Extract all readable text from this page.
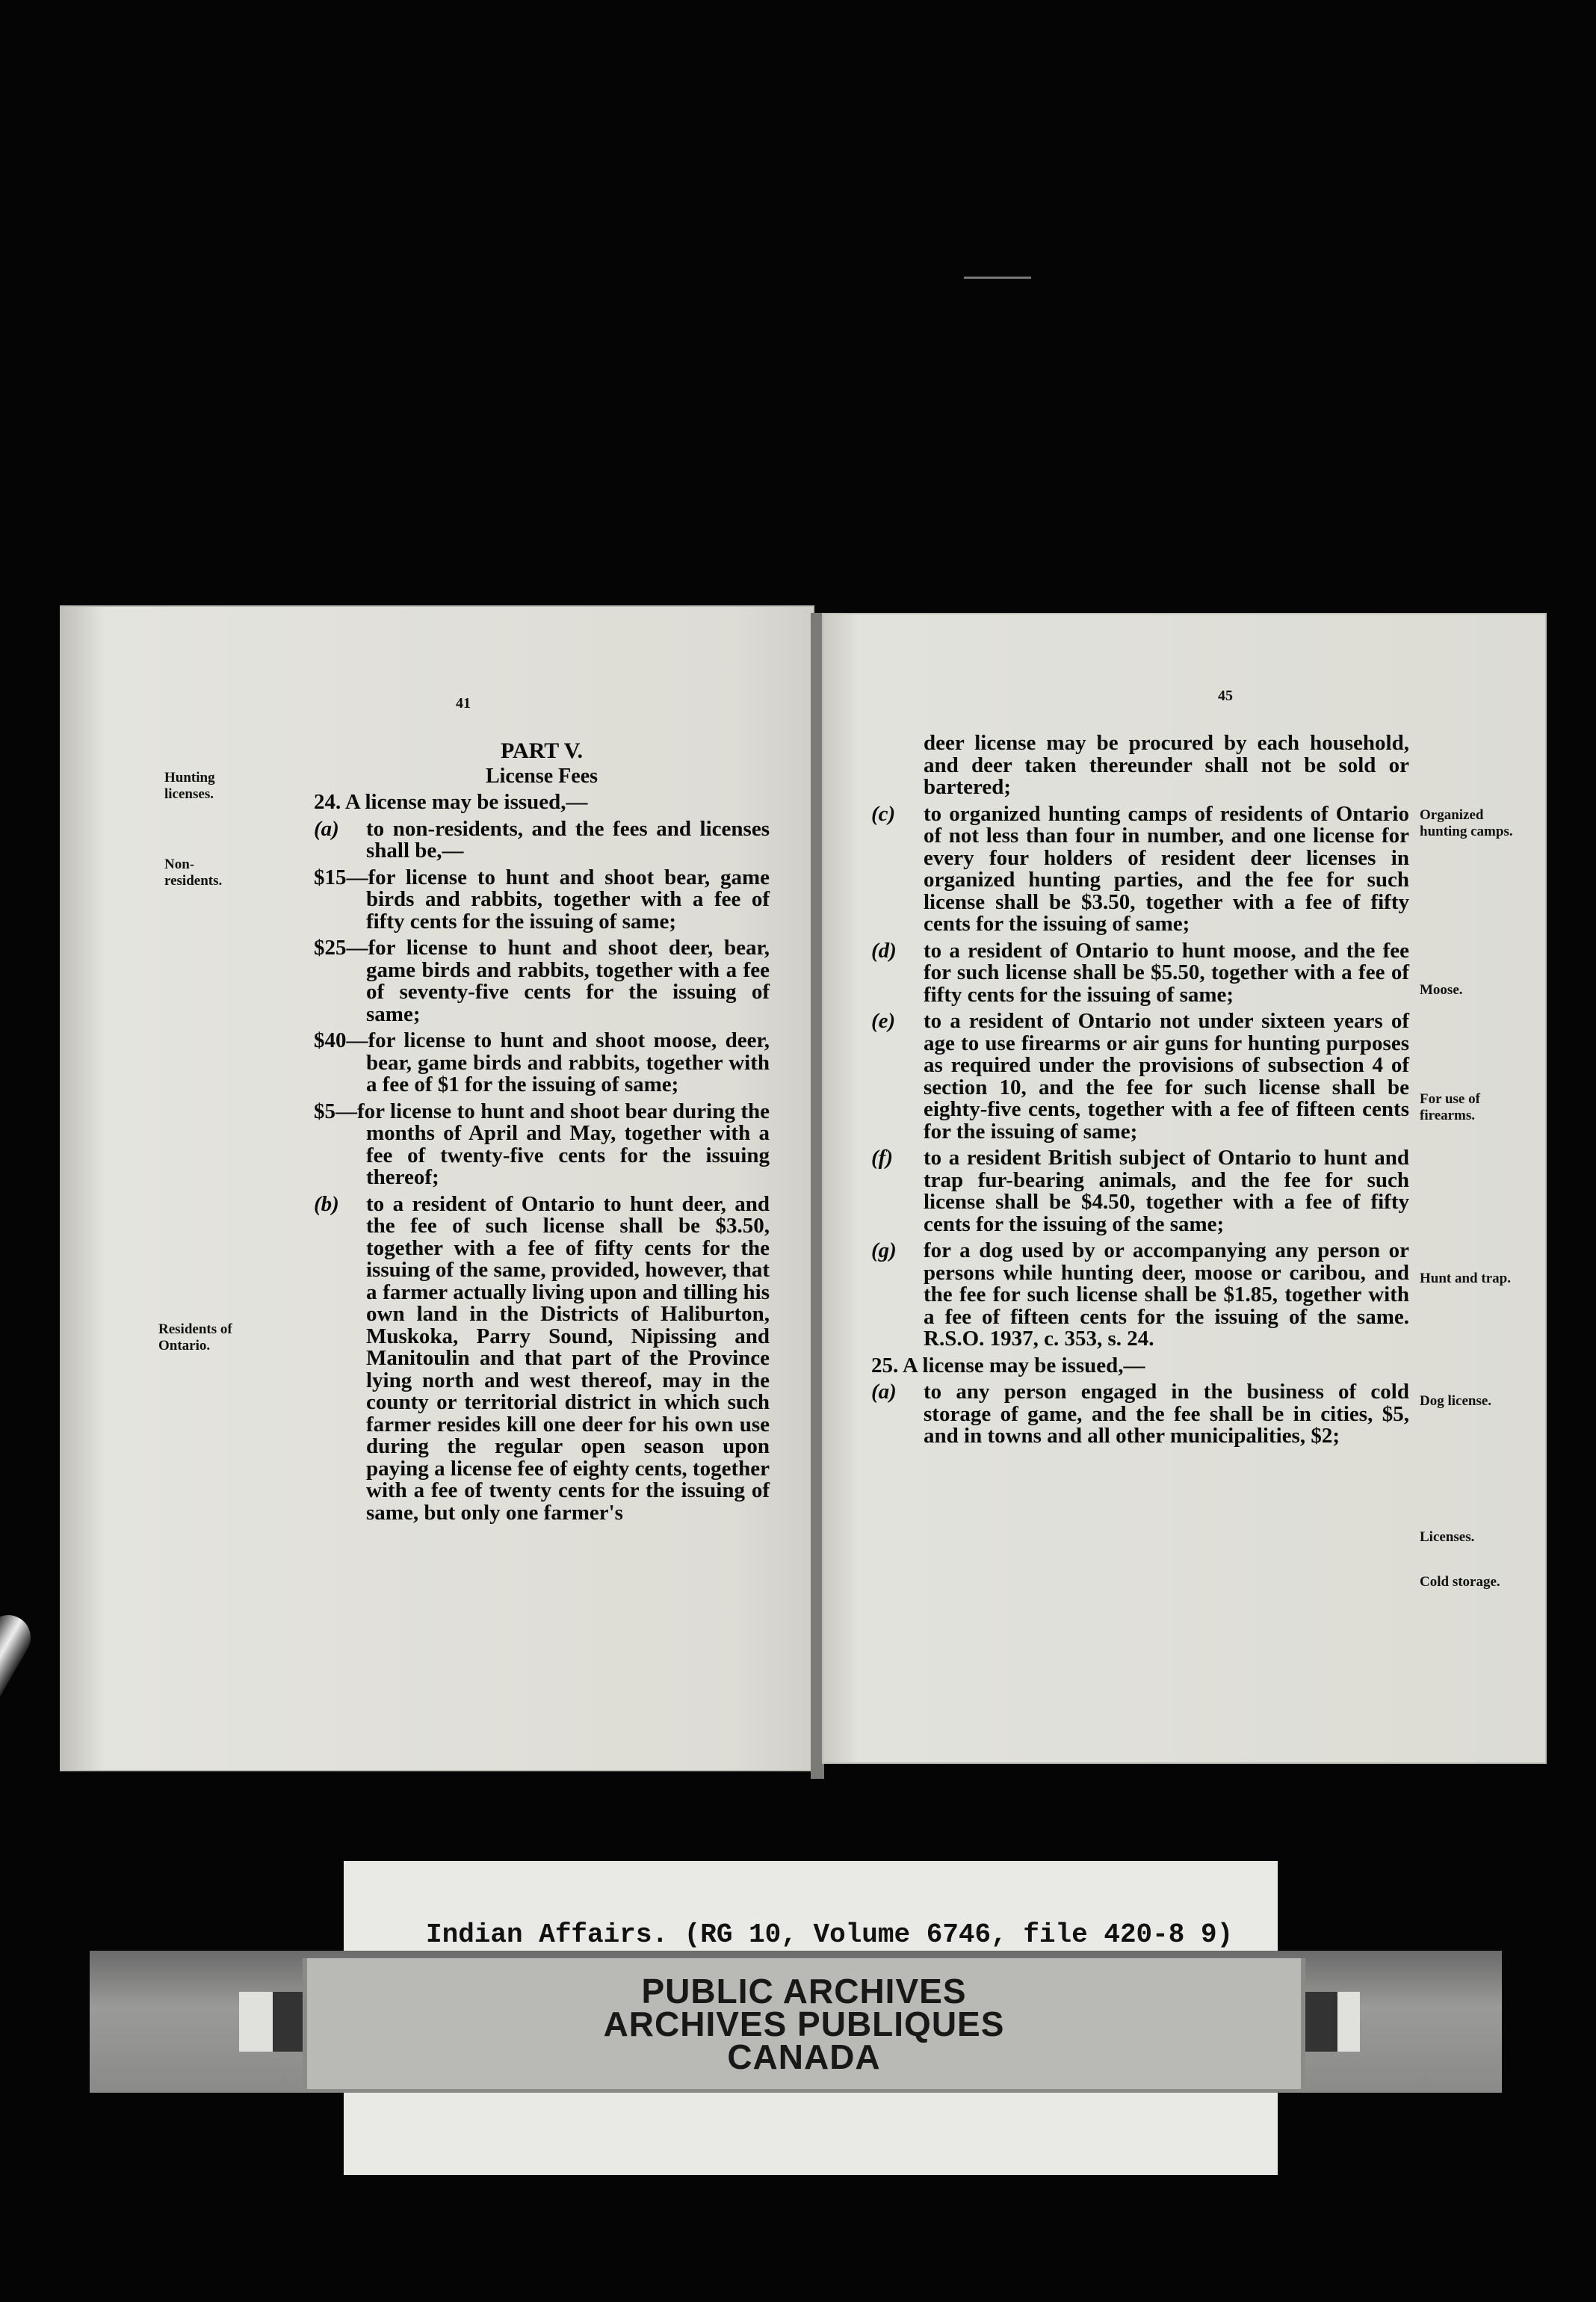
41
Hunting licenses.
Non-residents.
Residents of Ontario.
PART V.
License Fees

24. A license may be issued,—

(a) to non-residents, and the fees and licenses shall be,—

$15—for license to hunt and shoot bear, game birds and rabbits, together with a fee of fifty cents for the issuing of same;

$25—for license to hunt and shoot deer, bear, game birds and rabbits, together with a fee of seventy-five cents for the issuing of same;

$40—for license to hunt and shoot moose, deer, bear, game birds and rabbits, together with a fee of $1 for the issuing of same;

$5—for license to hunt and shoot bear during the months of April and May, together with a fee of twenty-five cents for the issuing thereof;

(b) to a resident of Ontario to hunt deer, and the fee of such license shall be $3.50, together with a fee of fifty cents for the issuing of the same, provided, however, that a farmer actually living upon and tilling his own land in the Districts of Haliburton, Muskoka, Parry Sound, Nipissing and Manitoulin and that part of the Province lying north and west thereof, may in the county or territorial district in which such farmer resides kill one deer for his own use during the regular open season upon paying a license fee of eighty cents, together with a fee of twenty cents for the issuing of same, but only one farmer's

45
Organized hunting camps.
Moose.
For use of firearms.
Hunt and trap.
Dog license.
Licenses.
Cold storage.

deer license may be procured by each household, and deer taken thereunder shall not be sold or bartered;

(c) to organized hunting camps of residents of Ontario of not less than four in number, and one license for every four holders of resident deer licenses in organized hunting parties, and the fee for such license shall be $3.50, together with a fee of fifty cents for the issuing of same;

(d) to a resident of Ontario to hunt moose, and the fee for such license shall be $5.50, together with a fee of fifty cents for the issuing of same;

(e) to a resident of Ontario not under sixteen years of age to use firearms or air guns for hunting purposes as required under the provisions of subsection 4 of section 10, and the fee for such license shall be eighty-five cents, together with a fee of fifteen cents for the issuing of same;

(f) to a resident British subject of Ontario to hunt and trap fur-bearing animals, and the fee for such license shall be $4.50, together with a fee of fifty cents for the issuing of the same;

(g) for a dog used by or accompanying any person or persons while hunting deer, moose or caribou, and the fee for such license shall be $1.85, together with a fee of fifteen cents for the issuing of the same. R.S.O. 1937, c. 353, s. 24.

25. A license may be issued,—

(a) to any person engaged in the business of cold storage of game, and the fee shall be in cities, $5, and in towns and all other municipalities, $2;

Indian Affairs. (RG 10, Volume 6746, file 420-8 9)
PUBLIC ARCHIVES
ARCHIVES PUBLIQUES
CANADA
